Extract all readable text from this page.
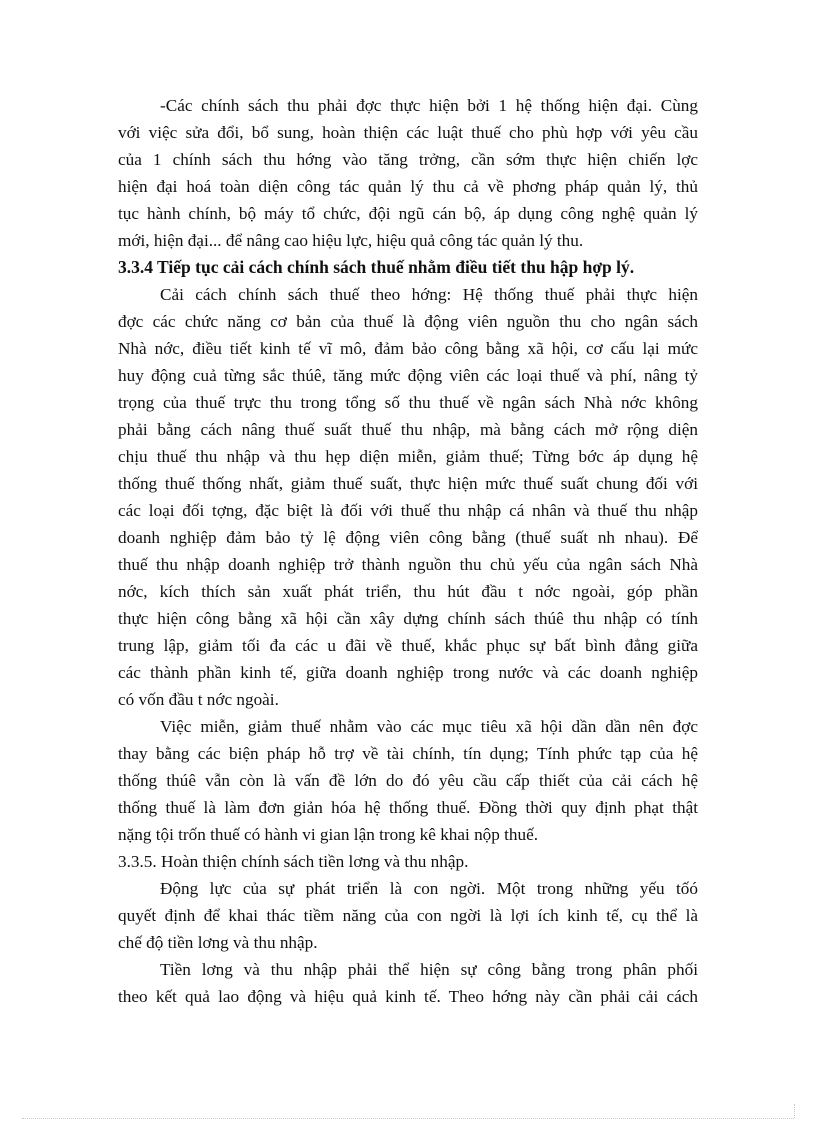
-Các chính sách thu phải đợc thực hiện bởi 1 hệ thống hiện đại. Cùng
với việc sửa đổi, bổ sung, hoàn thiện các luật thuế cho phù hợp với yêu cầu
của 1 chính sách thu hớng vào tăng trởng, cần sớm thực hiện chiến lợc
hiện đại hoá toàn diện công tác quản lý thu cả về phơng pháp quản lý, thủ
tục hành chính, bộ máy tổ chức, đội ngũ cán bộ, áp dụng công nghệ quản lý
mới, hiện đại... để nâng cao hiệu lực, hiệu quả công tác quản lý thu.
3.3.4 Tiếp tục cải cách chính sách thuế nhằm điều tiết thu hập hợp lý.
Cải cách chính sách thuế theo hớng: Hệ thống thuế phải thực hiện
đợc các chức năng cơ bản của thuế là động viên nguồn thu cho ngân sách
Nhà nớc, điều tiết kinh tế vĩ mô, đảm bảo công bằng xã hội, cơ cấu lại mức
huy động cuả từng sắc thúê, tăng mức động viên các loại thuế và phí, nâng tỷ
trọng của thuế trực thu trong tổng số thu thuế về ngân sách Nhà nớc không
phải bằng cách nâng thuế suất thuế thu nhập, mà bằng cách mở rộng diện
chịu thuế thu nhập và thu hẹp diện miễn, giảm thuế; Từng bớc áp dụng hệ
thống thuế thống nhất, giảm thuế suất, thực hiện mức thuế suất chung đối với
các loại đối tợng, đặc biệt là đối với thuế thu nhập cá nhân và thuế thu nhập
doanh nghiệp đảm bảo tỷ lệ động viên công bằng (thuế suất nh nhau). Để
thuế thu nhập doanh nghiệp trở thành nguồn thu chủ yếu của ngân sách Nhà
nớc, kích thích sản xuất phát triển, thu hút đầu t nớc ngoài, góp phần
thực hiện công bằng xã hội cần xây dựng chính sách thúê thu nhập có tính
trung lập, giảm tối đa các u đãi về thuế, khắc phục sự bất bình đẳng giữa
các thành phần kinh tế, giữa doanh nghiệp trong nước và các doanh nghiệp
có vốn đầu t nớc ngoài.
Việc miễn, giảm thuế nhằm vào các mục tiêu xã hội dần dần nên đợc
thay bằng các biện pháp hỗ trợ về tài chính, tín dụng; Tính phức tạp của hệ
thống thúê vẫn còn là vấn đề lớn do đó yêu cầu cấp thiết của cải cách hệ
thống thuế là làm đơn giản hóa hệ thống thuế. Đồng thời quy định phạt thật
nặng tội trốn thuế có hành vi gian lận trong kê khai nộp thuế.
3.3.5. Hoàn thiện chính sách tiền lơng và thu nhập.
Động lực của sự phát triển là con ngời. Một trong những yếu tốó
quyết định để khai thác tiềm năng của con ngời là lợi ích kinh tế, cụ thể là
chế độ tiền lơng và thu nhập.
Tiền lơng và thu nhập phải thể hiện sự công bằng trong phân phối
theo kết quả lao động và hiệu quả kinh tế. Theo hớng này cần phải cải cách
